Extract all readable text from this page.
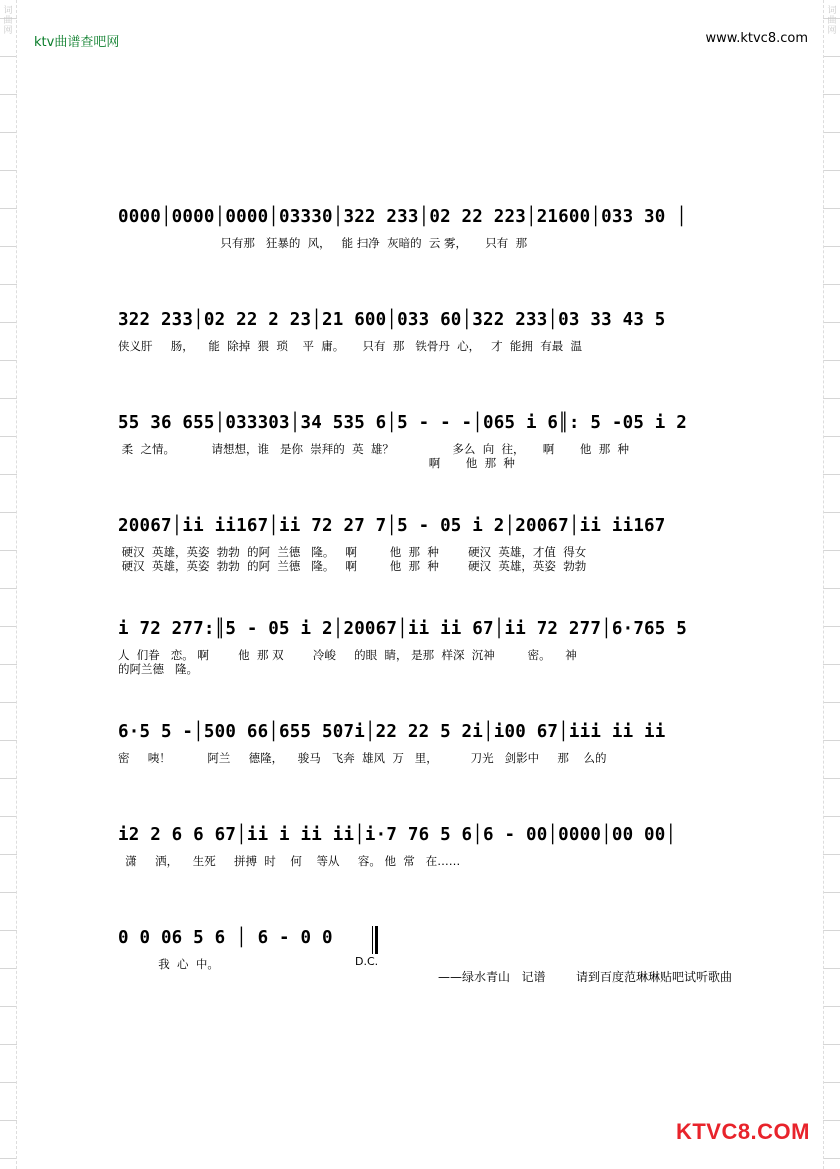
词曲网
词曲网
ktv曲谱查吧网	www.ktvc8.com
0000│0000│0000│03330│322 233│02 22 223│21600│033 30 │
只有那   狂暴的  风，   能 扫净  灰暗的  云 雾，     只有  那
322 233│02 22 2 23│21 600│033 60│322 233│03 33 43 5
侠义肝     肠，    能  除掉  猥  琐    平  庸。     只有  那   铁骨丹  心，   才  能拥  有最  温
55 36 655│033303│34 535 6│5 - - -│065 i 6║: 5 -05 i 2
柔  之情。          请想想，谁   是你  崇拜的  英  雄？                多么  向  往，     啊       他  那  种
啊       他  那  种
20067│ii ii167│ii 72 27 7│5 - 05 i 2│20067│ii ii167
硬汉  英雄，英姿  勃勃  的阿  兰德   隆。   啊         他  那  种        硬汉  英雄，才值  得女
硬汉  英雄，英姿  勃勃  的阿  兰德   隆。   啊         他  那  种        硬汉  英雄，英姿  勃勃
i 72 277:║5 - 05 i 2│20067│ii ii 67│ii 72 277│6·765 5
人  们眷   恋。 啊        他  那 双        冷峻     的眼  睛， 是那  样深  沉神         密。    神
的阿兰德   隆。
6·5 5 -│500 66│655 507i│22 22 5 2i│i00 67│iii ii ii
密     咦！          阿兰     德隆，    骏马   飞奔  雄风  万   里，         刀光   剑影中     那    么的
i2 2 6 6 67│ii i ii ii│i·7 76 5 6│6 - 00│0000│00 00│
潇     洒，    生死     拼搏  时    何    等从     容。 他  常   在……
0 0 06 5 6 │ 6 - 0 0
我  心  中。	D.C.
——绿水青山   记谱        请到百度范琳琳贴吧试听歌曲
KTVC8.COM
